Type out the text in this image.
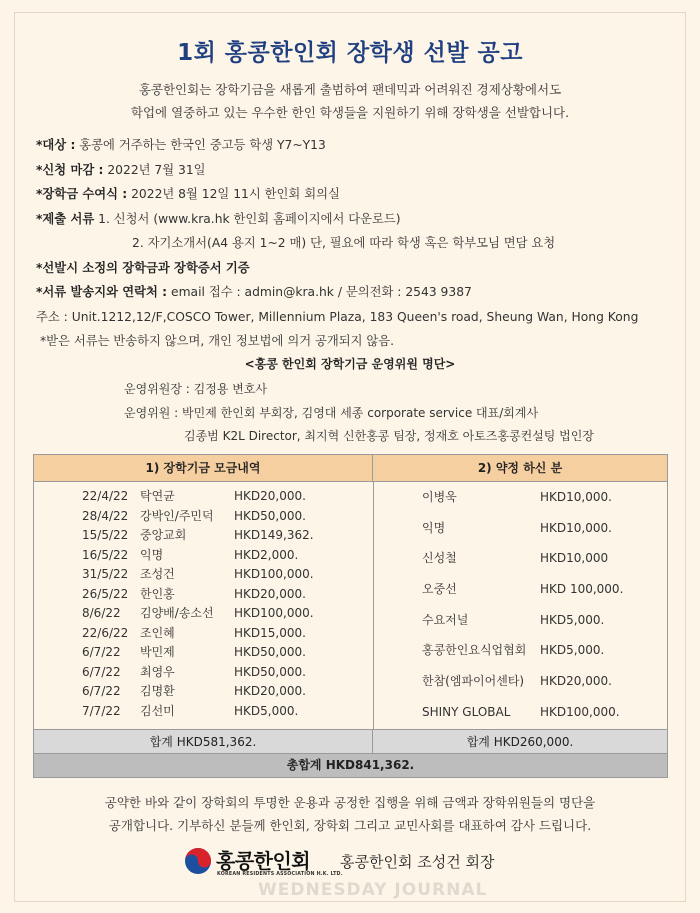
1회 홍콩한인회 장학생 선발 공고
홍콩한인회는 장학기금을 새롭게 출범하여 팬데믹과 어려워진 경제상황에서도
학업에 열중하고 있는 우수한 한인 학생들을 지원하기 위해 장학생을 선발합니다.
*대상 : 홍콩에 거주하는 한국인 중고등 학생 Y7~Y13
*신청 마감 : 2022년 7월 31일
*장학금 수여식 : 2022년 8월 12일 11시 한인회 회의실
*제출 서류 1. 신청서 (www.kra.hk 한인회 홈페이지에서 다운로드)
2. 자기소개서(A4 용지 1~2 매) 단, 필요에 따라 학생 혹은 학부모님 면담 요청
*선발시 소정의 장학금과 장학증서 기증
*서류 발송지와 연락처 : email 접수 : admin@kra.hk / 문의전화 : 2543 9387
주소 : Unit.1212,12/F,COSCO Tower, Millennium Plaza, 183 Queen's road, Sheung Wan, Hong Kong
*받은 서류는 반송하지 않으며, 개인 정보법에 의거 공개되지 않음.
<홍콩 한인회 장학기금 운영위원 명단>
운영위원장 : 김정용 변호사
운영위원 : 박민제 한인회 부회장, 김영대 세종 corporate service 대표/회계사
김종범 K2L Director, 최지혁 신한홍콩 팀장, 정재호 아토즈홍콩컨설팅 법인장
1) 장학기금 모금내역	2) 약정 하신 분
22/4/22 탁연균	HKD20,000.
28/4/22 강박인/주민덕 HKD50,000.
15/5/22 중앙교회	HKD149,362.
16/5/22 익명	HKD2,000.
31/5/22 조성건	HKD100,000.
26/5/22 한인홍	HKD20,000.
8/6/22 김양배/송소선 HKD100,000.
22/6/22 조인혜	HKD15,000.
6/7/22 박민제	HKD50,000.
6/7/22 최영우	HKD50,000.
6/7/22 김명환	HKD20,000.
7/7/22 김선미	HKD5,000.
이병욱	HKD10,000.
익명	HKD10,000.
신성철	HKD10,000
오중선	HKD 100,000.
수요저널	HKD5,000.
홍콩한인요식업협회 HKD5,000.
한참(엠파이어센타) HKD20,000.
SHINY GLOBAL HKD100,000.
합계 HKD581,362.	합계 HKD260,000.
총합계 HKD841,362.
공약한 바와 같이 장학회의 투명한 운용과 공정한 집행을 위해 금액과 장학위원들의 명단을
공개합니다. 기부하신 분들께 한인회, 장학회 그리고 교민사회를 대표하여 감사 드립니다.
홍콩한인회
KOREAN RESIDENTS ASSOCIATION H.K. LTD.
홍콩한인회 조성건 회장
WEDNESDAY JOURNAL
